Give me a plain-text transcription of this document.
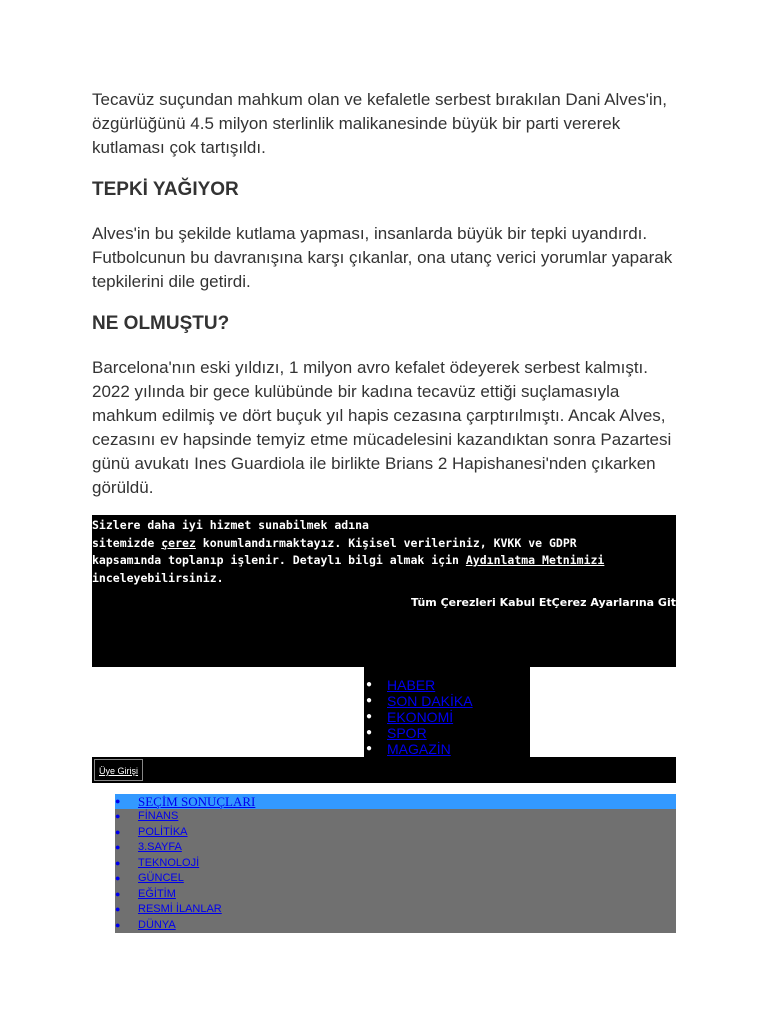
Tecavüz suçundan mahkum olan ve kefaletle serbest bırakılan Dani Alves'in, özgürlüğünü 4.5 milyon sterlinlik malikanesinde büyük bir parti vererek kutlaması çok tartışıldı.

TEPKİ YAĞIYOR

Alves'in bu şekilde kutlama yapması, insanlarda büyük bir tepki uyandırdı. Futbolcunun bu davranışına karşı çıkanlar, ona utanç verici yorumlar yaparak tepkilerini dile getirdi.

NE OLMUŞTU?

Barcelona'nın eski yıldızı, 1 milyon avro kefalet ödeyerek serbest kalmıştı. 2022 yılında bir gece kulübünde bir kadına tecavüz ettiği suçlamasıyla mahkum edilmiş ve dört buçuk yıl hapis cezasına çarptırılmıştı. Ancak Alves, cezasını ev hapsinde temyiz etme mücadelesini kazandıktan sonra Pazartesi günü avukatı Ines Guardiola ile birlikte Brians 2 Hapishanesi'nden çıkarken görüldü.

Sizlere daha iyi hizmet sunabilmek adına
sitemizde çerez konumlandırmaktayız. Kişisel verileriniz, KVKK ve GDPR
kapsamında toplanıp işlenir. Detaylı bilgi almak için Aydınlatma Metnimizi inceleyebilirsiniz.
Tüm Çerezleri Kabul EtÇerez Ayarlarına Git
● HABER
● SON DAKİKA
● EKONOMİ
● SPOR
● MAGAZİN
Üye Girişi
● SEÇİM SONUÇLARI
● FİNANS
● POLİTİKA
● 3.SAYFA
● TEKNOLOJİ
● GÜNCEL
● EĞİTİM
● RESMİ İLANLAR
● DÜNYA
